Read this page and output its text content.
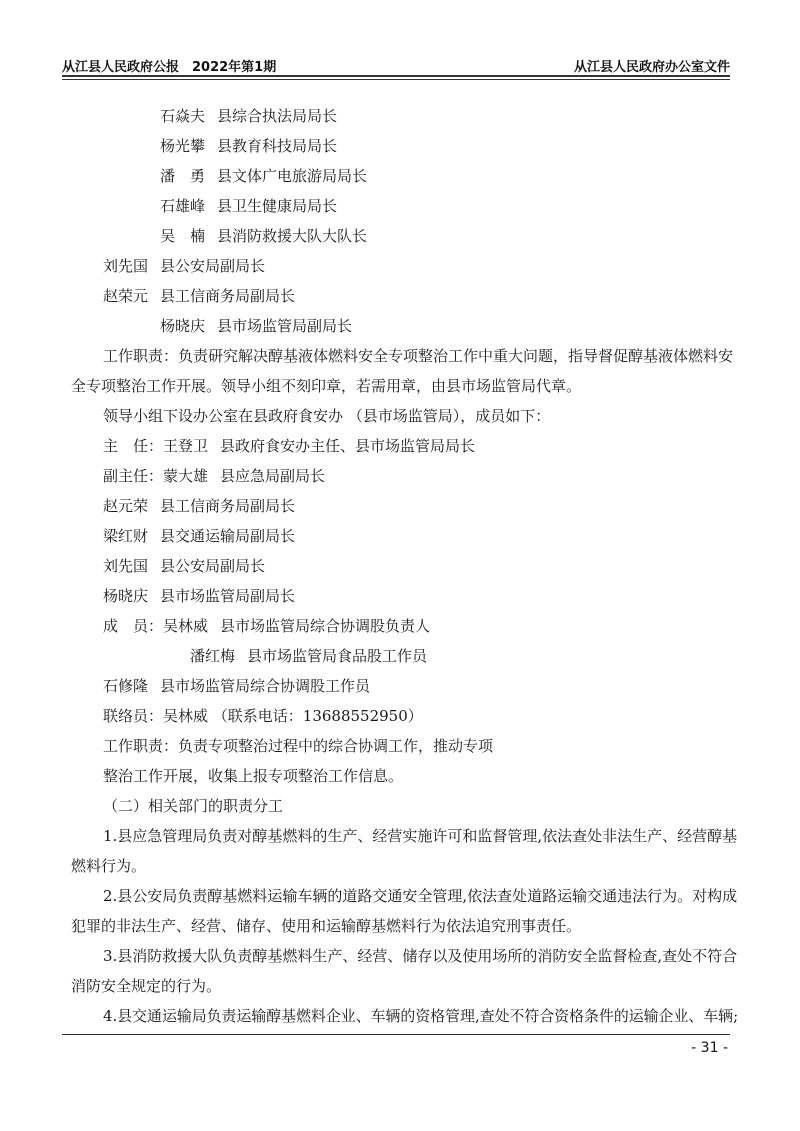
从江县人民政府公报　2022年第1期	从江县人民政府办公室文件
石焱夫 县综合执法局局长
杨光攀 县教育科技局局长
潘　勇 县文体广电旅游局局长
石雄峰 县卫生健康局局长
吴　楠 县消防救援大队大队长
刘先国 县公安局副局长
赵荣元 县工信商务局副局长
杨晓庆 县市场监管局副局长
工作职责：负责研究解决醇基液体燃料安全专项整治工作中重大问题，指导督促醇基液体燃料安
全专项整治工作开展。领导小组不刻印章，若需用章，由县市场监管局代章。
领导小组下设办公室在县政府食安办 （县市场监管局），成员如下：
主　任：王登卫 县政府食安办主任、县市场监管局局长
副主任：蒙大雄 县应急局副局长
赵元荣 县工信商务局副局长
梁红财 县交通运输局副局长
刘先国 县公安局副局长
杨晓庆 县市场监管局副局长
成　员：吴林威 县市场监管局综合协调股负责人
潘红梅 县市场监管局食品股工作员
石修隆 县市场监管局综合协调股工作员
联络员：吴林威 （联系电话：13688552950）
工作职责：负责专项整治过程中的综合协调工作，推动专项
整治工作开展，收集上报专项整治工作信息。
（二）相关部门的职责分工
1.县应急管理局负责对醇基燃料的生产、经营实施许可和监督管理,依法查处非法生产、经营醇基
燃料行为。
2.县公安局负责醇基燃料运输车辆的道路交通安全管理,依法查处道路运输交通违法行为。对构成
犯罪的非法生产、经营、储存、使用和运输醇基燃料行为依法追究刑事责任。
3.县消防救援大队负责醇基燃料生产、经营、储存以及使用场所的消防安全监督检查,查处不符合
消防安全规定的行为。
4.县交通运输局负责运输醇基燃料企业、车辆的资格管理,查处不符合资格条件的运输企业、车辆;
- 31 -
